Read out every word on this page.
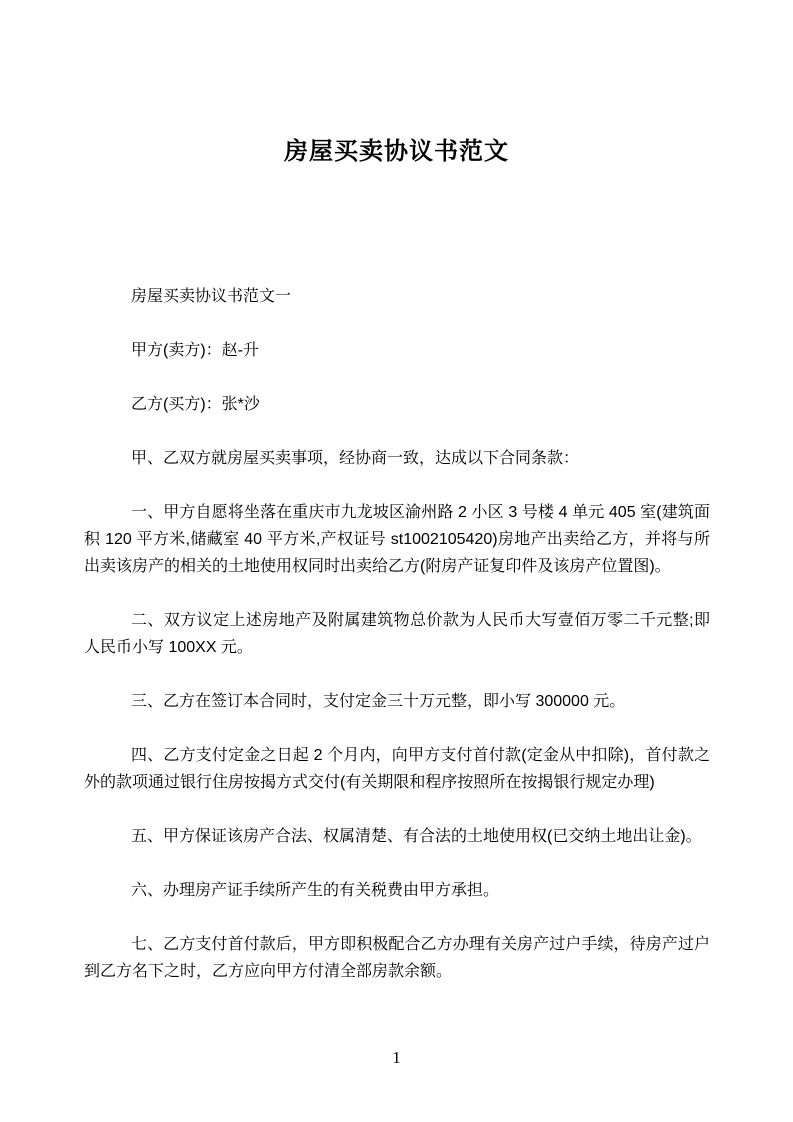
房屋买卖协议书范文

房屋买卖协议书范文一

甲方(卖方)：赵-升

乙方(买方)：张*沙

甲、乙双方就房屋买卖事项，经协商一致，达成以下合同条款：

一、甲方自愿将坐落在重庆市九龙坡区渝州路 2 小区 3 号楼 4 单元 405 室(建筑面积 120 平方米,储藏室 40 平方米,产权证号 st1002105420)房地产出卖给乙方，并将与所出卖该房产的相关的土地使用权同时出卖给乙方(附房产证复印件及该房产位置图)。

二、双方议定上述房地产及附属建筑物总价款为人民币大写壹佰万零二千元整;即人民币小写 100XX 元。

三、乙方在签订本合同时，支付定金三十万元整，即小写 300000 元。

四、乙方支付定金之日起 2 个月内，向甲方支付首付款(定金从中扣除)，首付款之外的款项通过银行住房按揭方式交付(有关期限和程序按照所在按揭银行规定办理)

五、甲方保证该房产合法、权属清楚、有合法的土地使用权(已交纳土地出让金)。

六、办理房产证手续所产生的有关税费由甲方承担。

七、乙方支付首付款后，甲方即积极配合乙方办理有关房产过户手续，待房产过户到乙方名下之时，乙方应向甲方付清全部房款余额。

1
